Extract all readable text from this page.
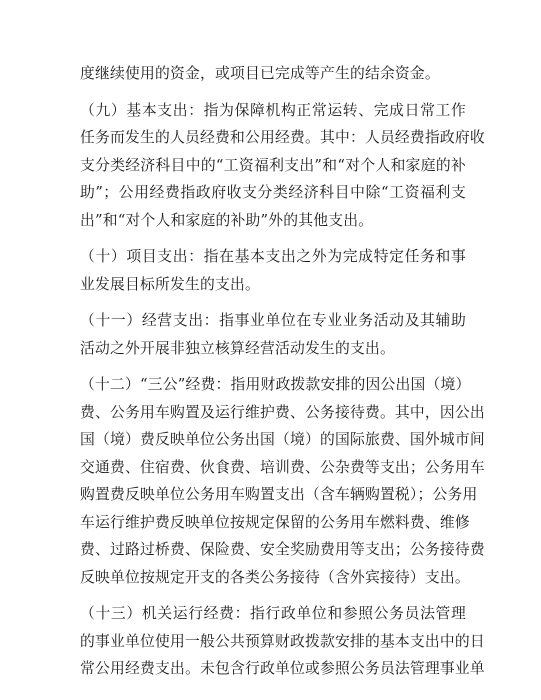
度继续使用的资金，或项目已完成等产生的结余资金。
（九）基本支出：指为保障机构正常运转、完成日常工作
任务而发生的人员经费和公用经费。其中：人员经费指政府收
支分类经济科目中的“工资福利支出”和“对个人和家庭的补
助”；公用经费指政府收支分类经济科目中除“工资福利支
出”和“对个人和家庭的补助”外的其他支出。
（十）项目支出：指在基本支出之外为完成特定任务和事
业发展目标所发生的支出。
（十一）经营支出：指事业单位在专业业务活动及其辅助
活动之外开展非独立核算经营活动发生的支出。
（十二）“三公”经费：指用财政拨款安排的因公出国（境）
费、公务用车购置及运行维护费、公务接待费。其中，因公出
国（境）费反映单位公务出国（境）的国际旅费、国外城市间
交通费、住宿费、伙食费、培训费、公杂费等支出；公务用车
购置费反映单位公务用车购置支出（含车辆购置税）；公务用
车运行维护费反映单位按规定保留的公务用车燃料费、维修
费、过路过桥费、保险费、安全奖励费用等支出；公务接待费
反映单位按规定开支的各类公务接待（含外宾接待）支出。
（十三）机关运行经费：指行政单位和参照公务员法管理
的事业单位使用一般公共预算财政拨款安排的基本支出中的日
常公用经费支出。未包含行政单位或参照公务员法管理事业单
